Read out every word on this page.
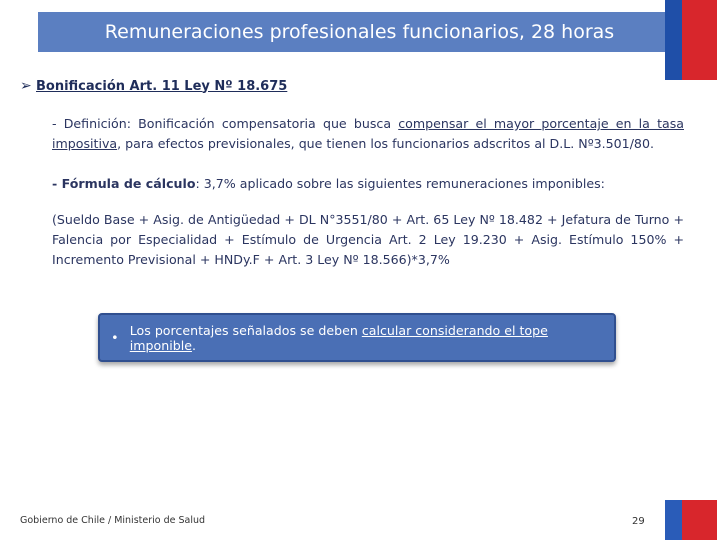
Remuneraciones profesionales funcionarios, 28 horas
➢ Bonificación Art. 11 Ley Nº 18.675
- Definición: Bonificación compensatoria que busca compensar el mayor porcentaje en la tasa impositiva, para efectos previsionales, que tienen los funcionarios adscritos al D.L. Nº3.501/80.
- Fórmula de cálculo: 3,7% aplicado sobre las siguientes remuneraciones imponibles:
(Sueldo Base + Asig. de Antigüedad + DL N°3551/80 + Art. 65 Ley Nº 18.482 + Jefatura de Turno + Falencia por Especialidad + Estímulo de Urgencia Art. 2 Ley 19.230 + Asig. Estímulo 150% + Incremento Previsional + HNDy.F + Art. 3 Ley Nº 18.566)*3,7%
• Los porcentajes señalados se deben calcular considerando el tope imponible.
Gobierno de Chile / Ministerio de Salud	29
